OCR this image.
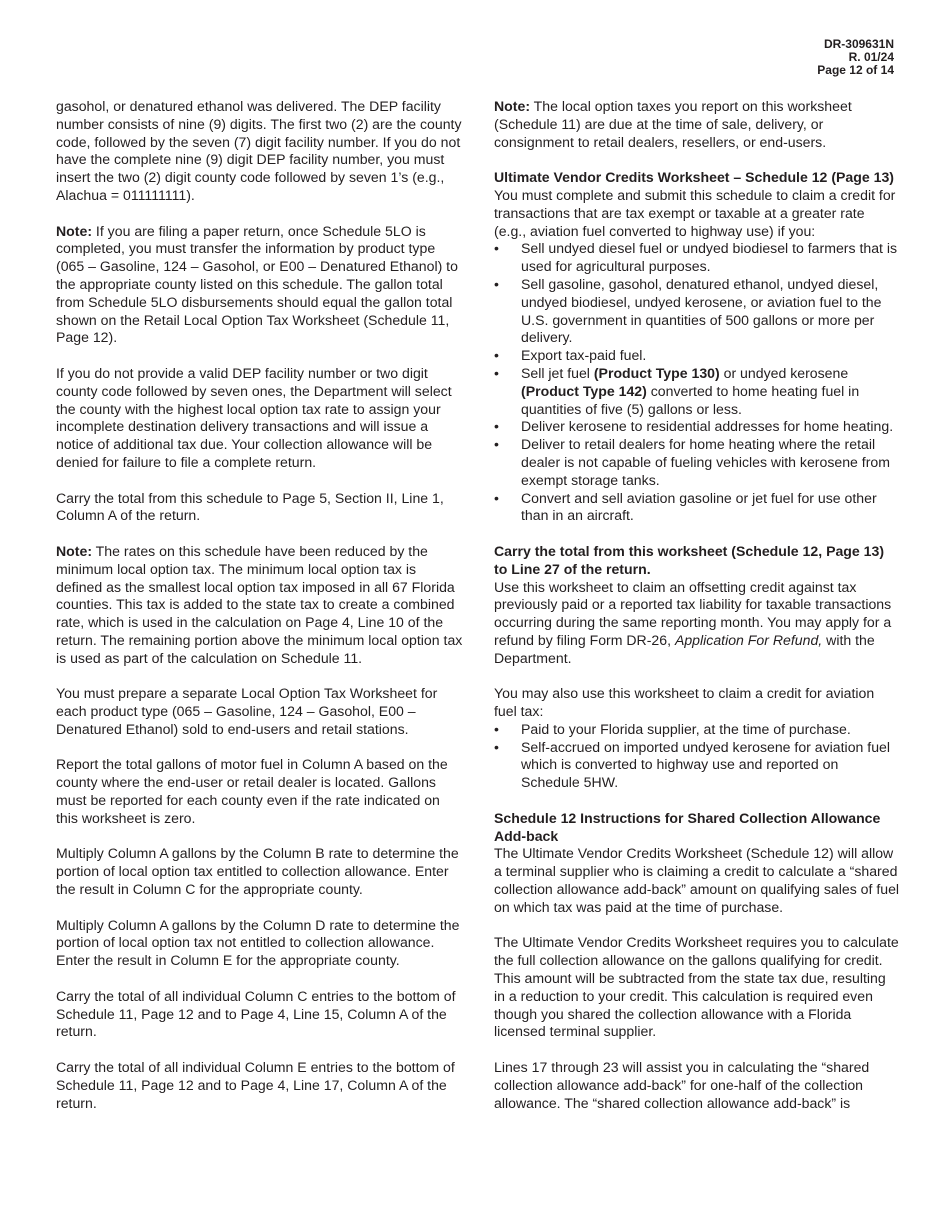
DR-309631N
R. 01/24
Page 12 of 14

gasohol, or denatured ethanol was delivered. The DEP facility number consists of nine (9) digits. The first two (2) are the county code, followed by the seven (7) digit facility number. If you do not have the complete nine (9) digit DEP facility number, you must insert the two (2) digit county code followed by seven 1’s (e.g., Alachua = 011111111).

Note: If you are filing a paper return, once Schedule 5LO is completed, you must transfer the information by product type (065 – Gasoline, 124 – Gasohol, or E00 – Denatured Ethanol) to the appropriate county listed on this schedule. The gallon total from Schedule 5LO disbursements should equal the gallon total shown on the Retail Local Option Tax Worksheet (Schedule 11, Page 12).

If you do not provide a valid DEP facility number or two digit county code followed by seven ones, the Department will select the county with the highest local option tax rate to assign your incomplete destination delivery transactions and will issue a notice of additional tax due. Your collection allowance will be denied for failure to file a complete return.

Carry the total from this schedule to Page 5, Section II, Line 1, Column A of the return.

Note: The rates on this schedule have been reduced by the minimum local option tax. The minimum local option tax is defined as the smallest local option tax imposed in all 67 Florida counties. This tax is added to the state tax to create a combined rate, which is used in the calculation on Page 4, Line 10 of the return. The remaining portion above the minimum local option tax is used as part of the calculation on Schedule 11.

You must prepare a separate Local Option Tax Worksheet for each product type (065 – Gasoline, 124 – Gasohol, E00 – Denatured Ethanol) sold to end-users and retail stations.

Report the total gallons of motor fuel in Column A based on the county where the end-user or retail dealer is located. Gallons must be reported for each county even if the rate indicated on this worksheet is zero.

Multiply Column A gallons by the Column B rate to determine the portion of local option tax entitled to collection allowance. Enter the result in Column C for the appropriate county.

Multiply Column A gallons by the Column D rate to determine the portion of local option tax not entitled to collection allowance. Enter the result in Column E for the appropriate county.

Carry the total of all individual Column C entries to the bottom of Schedule 11, Page 12 and to Page 4, Line 15, Column A of the return.

Carry the total of all individual Column E entries to the bottom of Schedule 11, Page 12 and to Page 4, Line 17, Column A of the return.

Note: The local option taxes you report on this worksheet (Schedule 11) are due at the time of sale, delivery, or consignment to retail dealers, resellers, or end-users.

Ultimate Vendor Credits Worksheet – Schedule 12 (Page 13)
You must complete and submit this schedule to claim a credit for transactions that are tax exempt or taxable at a greater rate (e.g., aviation fuel converted to highway use) if you:
• Sell undyed diesel fuel or undyed biodiesel to farmers that is used for agricultural purposes.
• Sell gasoline, gasohol, denatured ethanol, undyed diesel, undyed biodiesel, undyed kerosene, or aviation fuel to the U.S. government in quantities of 500 gallons or more per delivery.
• Export tax-paid fuel.
• Sell jet fuel (Product Type 130) or undyed kerosene (Product Type 142) converted to home heating fuel in quantities of five (5) gallons or less.
• Deliver kerosene to residential addresses for home heating.
• Deliver to retail dealers for home heating where the retail dealer is not capable of fueling vehicles with kerosene from exempt storage tanks.
• Convert and sell aviation gasoline or jet fuel for use other than in an aircraft.
Carry the total from this worksheet (Schedule 12, Page 13) to Line 27 of the return.

Use this worksheet to claim an offsetting credit against tax previously paid or a reported tax liability for taxable transactions occurring during the same reporting month. You may apply for a refund by filing Form DR-26, Application For Refund, with the Department.

You may also use this worksheet to claim a credit for aviation fuel tax:
• Paid to your Florida supplier, at the time of purchase.
• Self-accrued on imported undyed kerosene for aviation fuel which is converted to highway use and reported on Schedule 5HW.
Schedule 12 Instructions for Shared Collection Allowance Add-back

The Ultimate Vendor Credits Worksheet (Schedule 12) will allow a terminal supplier who is claiming a credit to calculate a “shared collection allowance add-back” amount on qualifying sales of fuel on which tax was paid at the time of purchase.

The Ultimate Vendor Credits Worksheet requires you to calculate the full collection allowance on the gallons qualifying for credit. This amount will be subtracted from the state tax due, resulting in a reduction to your credit. This calculation is required even though you shared the collection allowance with a Florida licensed terminal supplier.

Lines 17 through 23 will assist you in calculating the “shared collection allowance add-back” for one-half of the collection allowance. The “shared collection allowance add-back” is
